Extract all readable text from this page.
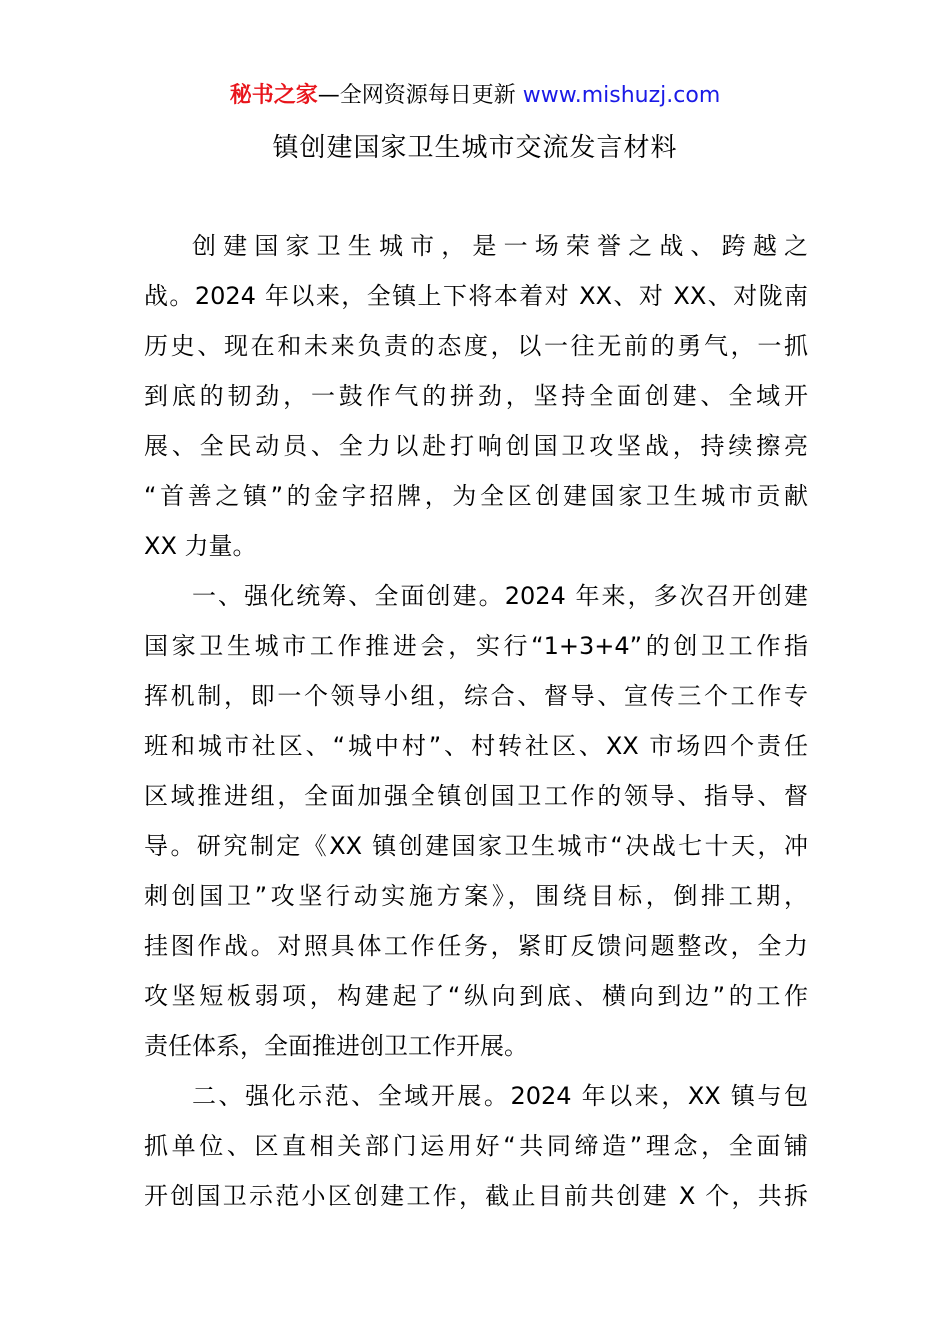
秘书之家—全网资源每日更新 www.mishuzj.com
镇创建国家卫生城市交流发言材料
创建国家卫生城市，是一场荣誉之战、跨越之
战。2024 年以来，全镇上下将本着对 XX、对 XX、对陇南
历史、现在和未来负责的态度，以一往无前的勇气，一抓
到底的韧劲，一鼓作气的拼劲，坚持全面创建、全域开
展、全民动员、全力以赴打响创国卫攻坚战，持续擦亮
“首善之镇”的金字招牌，为全区创建国家卫生城市贡献
XX 力量。
一、强化统筹、全面创建。2024 年来，多次召开创建
国家卫生城市工作推进会，实行“1+3+4”的创卫工作指
挥机制，即一个领导小组，综合、督导、宣传三个工作专
班和城市社区、“城中村”、村转社区、XX 市场四个责任
区域推进组，全面加强全镇创国卫工作的领导、指导、督
导。研究制定《XX 镇创建国家卫生城市“决战七十天，冲
刺创国卫”攻坚行动实施方案》，围绕目标，倒排工期，
挂图作战。对照具体工作任务，紧盯反馈问题整改，全力
攻坚短板弱项，构建起了“纵向到底、横向到边”的工作
责任体系，全面推进创卫工作开展。
二、强化示范、全域开展。2024 年以来，XX 镇与包
抓单位、区直相关部门运用好“共同缔造”理念，全面铺
开创国卫示范小区创建工作，截止目前共创建 X 个，共拆
